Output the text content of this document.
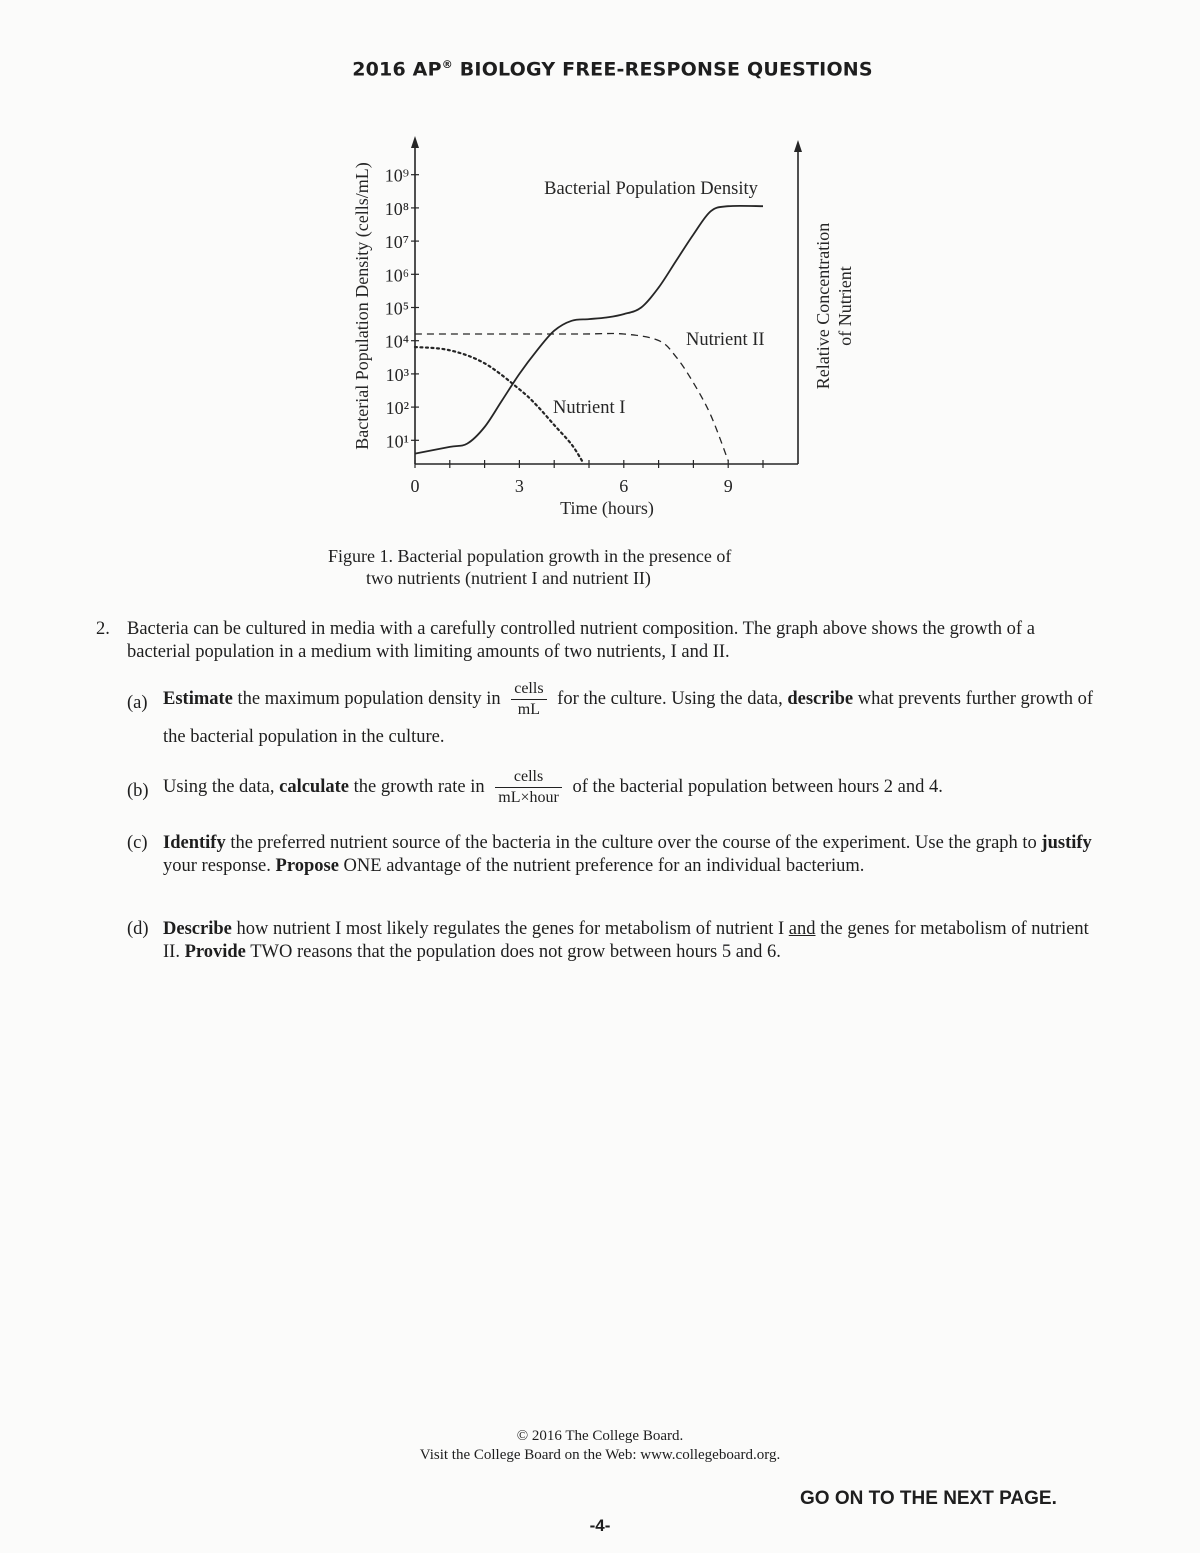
2016 AP® BIOLOGY FREE-RESPONSE QUESTIONS
0	3	6	9
Time (hours)
10¹
10²
10³
10⁴
10⁵
10⁶
10⁷
10⁸
10⁹
Bacterial Population Density (cells/mL)	Relative Concentration of Nutrient
Bacterial Population Density
Nutrient II
Nutrient I
Figure 1. Bacterial population growth in the presence of
two nutrients (nutrient I and nutrient II)
2. Bacteria can be cultured in media with a carefully controlled nutrient composition. The graph above shows the growth of a bacterial population in a medium with limiting amounts of two nutrients, I and II.
(a) Estimate the maximum population density in $\frac{\text{cells}}{mL}$ for the culture. Using the data, describe what prevents further growth of the bacterial population in the culture.
(b) Using the data, calculate the growth rate in $\frac{\text{cells}}{\text{mL×hour}}$ of the bacterial population between hours 2 and 4.
(c) Identify the preferred nutrient source of the bacteria in the culture over the course of the experiment. Use the graph to justify your response. Propose ONE advantage of the nutrient preference for an individual bacterium.
(d) Describe how nutrient I most likely regulates the genes for metabolism of nutrient I and the genes for metabolism of nutrient II. Provide TWO reasons that the population does not grow between hours 5 and 6.
© 2016 The College Board.
Visit the College Board on the Web: www.collegeboard.org.
GO ON TO THE NEXT PAGE.
-4-
